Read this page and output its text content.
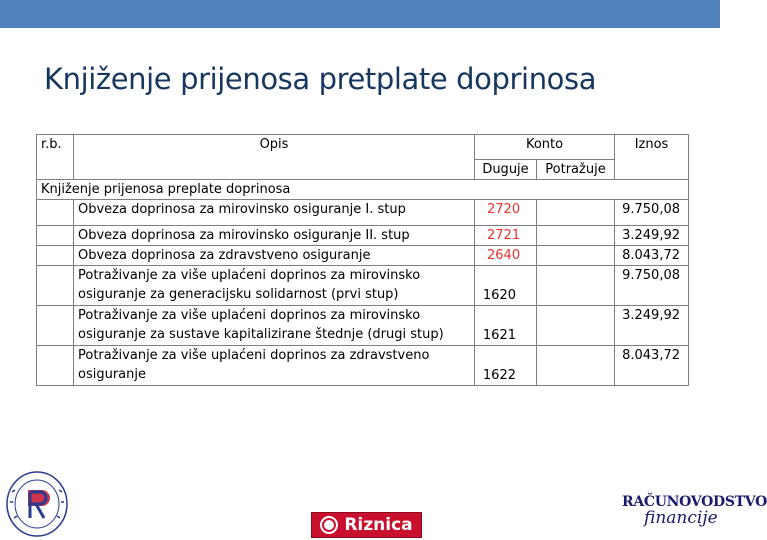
Knjiženje prijenosa pretplate doprinosa
r.b.	Opis	Konto		Iznos
		Duguje	Potražuje	
Knjiženje prijenosa preplate doprinosa				
	Obveza doprinosa za mirovinsko osiguranje I. stup	2720		9.750,08
	Obveza doprinosa za mirovinsko osiguranje II. stup	2721		3.249,92
	Obveza doprinosa za zdravstveno osiguranje	2640		8.043,72
	Potraživanje za više uplaćeni doprinos za mirovinsko osiguranje za generacijsku solidarnost (prvi stup)	1620		9.750,08
	Potraživanje za više uplaćeni doprinos za mirovinsko osiguranje za sustave kapitalizirane štednje (drugi stup)	1621		3.249,92
	Potraživanje za više uplaćeni doprinos za zdravstveno osiguranje	1622		8.043,72
Riznica
RAČUNOVODSTVO
financije
